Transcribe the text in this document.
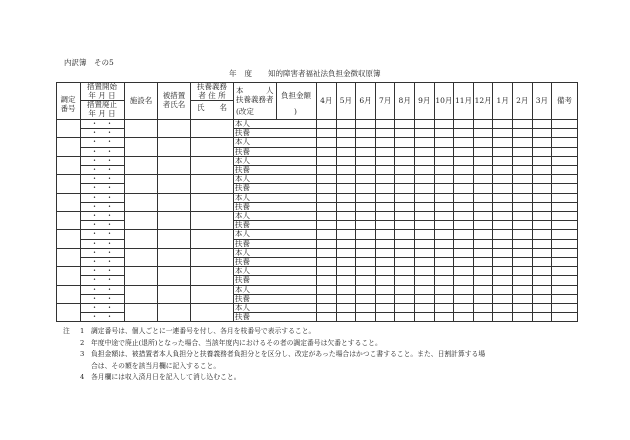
内訳簿　その5
年 度 知的障害者福祉法負担金徴収原簿
調定
番号
措置開始
年 月 日
措置廃止
年 月 日
施設名
被措置
者氏名
扶養義務
者 住 所
氏　　名
本　　　人
扶養義務者
(改定	)
負担金額
4月 5月 6月 7月 8月 9月 10月 11月 12月 1月 2月 3月	備考
・　・
・　・
本人
扶養
・　・
・　・
本人
扶養
・　・
・　・
本人
扶養
・　・
・　・
本人
扶養
・　・
・　・
本人
扶養
・　・
・　・
本人
扶養
・　・
・　・
本人
扶養
・　・
・　・
本人
扶養
・　・
・　・
本人
扶養
・　・
・　・
本人
扶養
・　・
・　・
本人
扶養
注 1 調定番号は、個人ごとに一連番号を付し、各月を枝番号で表示すること。
2 年度中途で廃止(退所)となった場合、当該年度内におけるその者の調定番号は欠番とすること。
3 負担金額は、被措置者本人負担分と扶養義務者負担分とを区分し、改定があった場合はかつこ書すること。また、日割計算する場
合は、その額を該当月欄に記入すること。
4 各月欄には収入済月日を記入して消し込むこと。
